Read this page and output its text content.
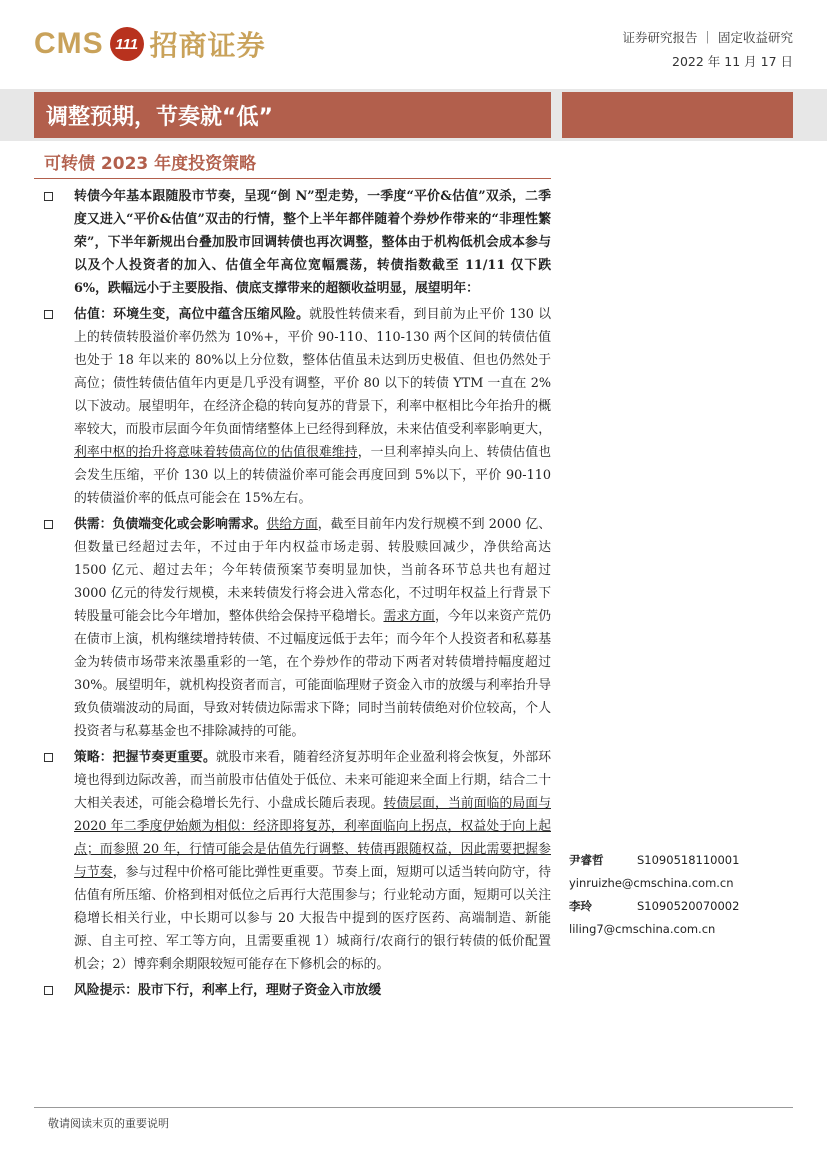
CMS 111 招商证券	证券研究报告 ｜ 固定收益研究
2022 年 11 月 17 日
调整预期，节奏就“低”
可转债 2023 年度投资策略
转债今年基本跟随股市节奏，呈现“倒 N”型走势，一季度“平价&估值”双杀，二季度又进入“平价&估值”双击的行情，整个上半年都伴随着个券炒作带来的“非理性繁荣”，下半年新规出台叠加股市回调转债也再次调整，整体由于机构低机会成本参与以及个人投资者的加入、估值全年高位宽幅震荡，转债指数截至 11/11 仅下跌 6%，跌幅远小于主要股指、债底支撑带来的超额收益明显，展望明年：
估值：环境生变，高位中蕴含压缩风险。就股性转债来看，到目前为止平价 130 以上的转债转股溢价率仍然为 10%+，平价 90-110、110-130 两个区间的转债估值也处于 18 年以来的 80%以上分位数，整体估值虽未达到历史极值、但也仍然处于高位；债性转债估值年内更是几乎没有调整，平价 80 以下的转债 YTM 一直在 2%以下波动。展望明年，在经济企稳的转向复苏的背景下，利率中枢相比今年抬升的概率较大，而股市层面今年负面情绪整体上已经得到释放，未来估值受利率影响更大，利率中枢的抬升将意味着转债高位的估值很难维持，一旦利率掉头向上、转债估值也会发生压缩，平价 130 以上的转债溢价率可能会再度回到 5%以下，平价 90-110 的转债溢价率的低点可能会在 15%左右。
供需：负债端变化或会影响需求。供给方面，截至目前年内发行规模不到 2000 亿、但数量已经超过去年，不过由于年内权益市场走弱、转股赎回减少，净供给高达 1500 亿元、超过去年；今年转债预案节奏明显加快，当前各环节总共也有超过 3000 亿元的待发行规模，未来转债发行将会进入常态化，不过明年权益上行背景下转股量可能会比今年增加，整体供给会保持平稳增长。需求方面，今年以来资产荒仍在债市上演，机构继续增持转债、不过幅度远低于去年；而今年个人投资者和私募基金为转债市场带来浓墨重彩的一笔，在个券炒作的带动下两者对转债增持幅度超过 30%。展望明年，就机构投资者而言，可能面临理财子资金入市的放缓与利率抬升导致负债端波动的局面，导致对转债边际需求下降；同时当前转债绝对价位较高，个人投资者与私募基金也不排除减持的可能。
策略：把握节奏更重要。就股市来看，随着经济复苏明年企业盈利将会恢复，外部环境也得到边际改善，而当前股市估值处于低位、未来可能迎来全面上行期，结合二十大相关表述，可能会稳增长先行、小盘成长随后表现。转债层面，当前面临的局面与 2020 年二季度伊始颇为相似：经济即将复苏，利率面临向上拐点，权益处于向上起点；而参照 20 年，行情可能会是估值先行调整、转债再跟随权益，因此需要把握参与节奏，参与过程中价格可能比弹性更重要。节奏上面，短期可以适当转向防守，待估值有所压缩、价格到相对低位之后再行大范围参与；行业轮动方面，短期可以关注稳增长相关行业，中长期可以参与 20 大报告中提到的医疗医药、高端制造、新能源、自主可控、军工等方向，且需要重视 1）城商行/农商行的银行转债的低价配置机会；2）博弈剩余期限较短可能存在下修机会的标的。
风险提示：股市下行，利率上行，理财子资金入市放缓
尹睿哲	S1090518110001
yinruizhe@cmschina.com.cn
李玲	S1090520070002
liling7@cmschina.com.cn
敬请阅读末页的重要说明
